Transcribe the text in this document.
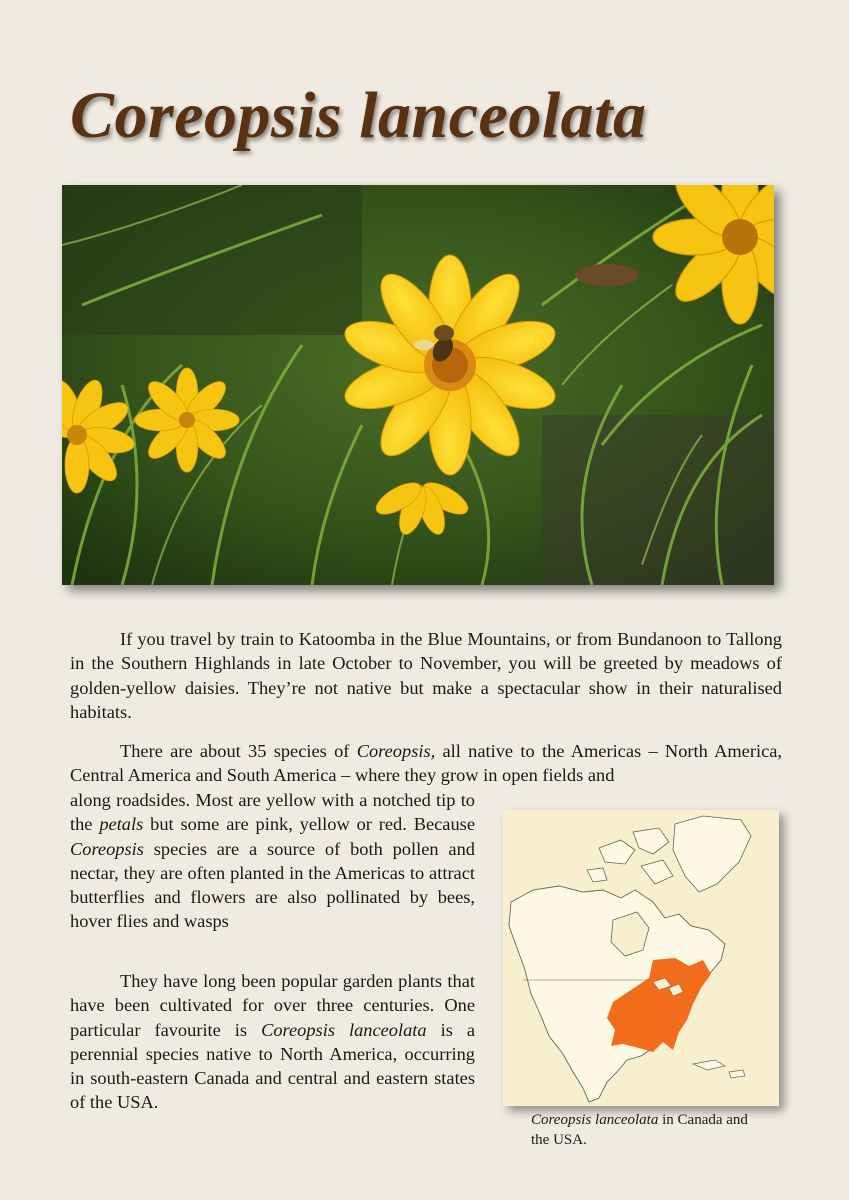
Coreopsis lanceolata

If you travel by train to Katoomba in the Blue Mountains, or from Bundanoon to Tallong in the Southern Highlands in late October to November, you will be greeted by meadows of golden-yellow daisies. They’re not native but make a spectacular show in their naturalised habitats.

There are about 35 species of Coreopsis, all native to the Americas – North America, Central America and South America – where they grow in open fields and

along roadsides. Most are yellow with a notched tip to the petals but some are pink, yellow or red. Because Coreopsis species are a source of both pollen and nectar, they are often planted in the Americas to attract butterflies and flowers are also pollinated by bees, hover flies and wasps

They have long been popular garden plants that have been cultivated for over three centuries. One particular favourite is Coreopsis lanceolata is a perennial species native to North America, occurring in south-eastern Canada and central and eastern states of the USA.

Coreopsis lanceolata in Canada and the USA.
